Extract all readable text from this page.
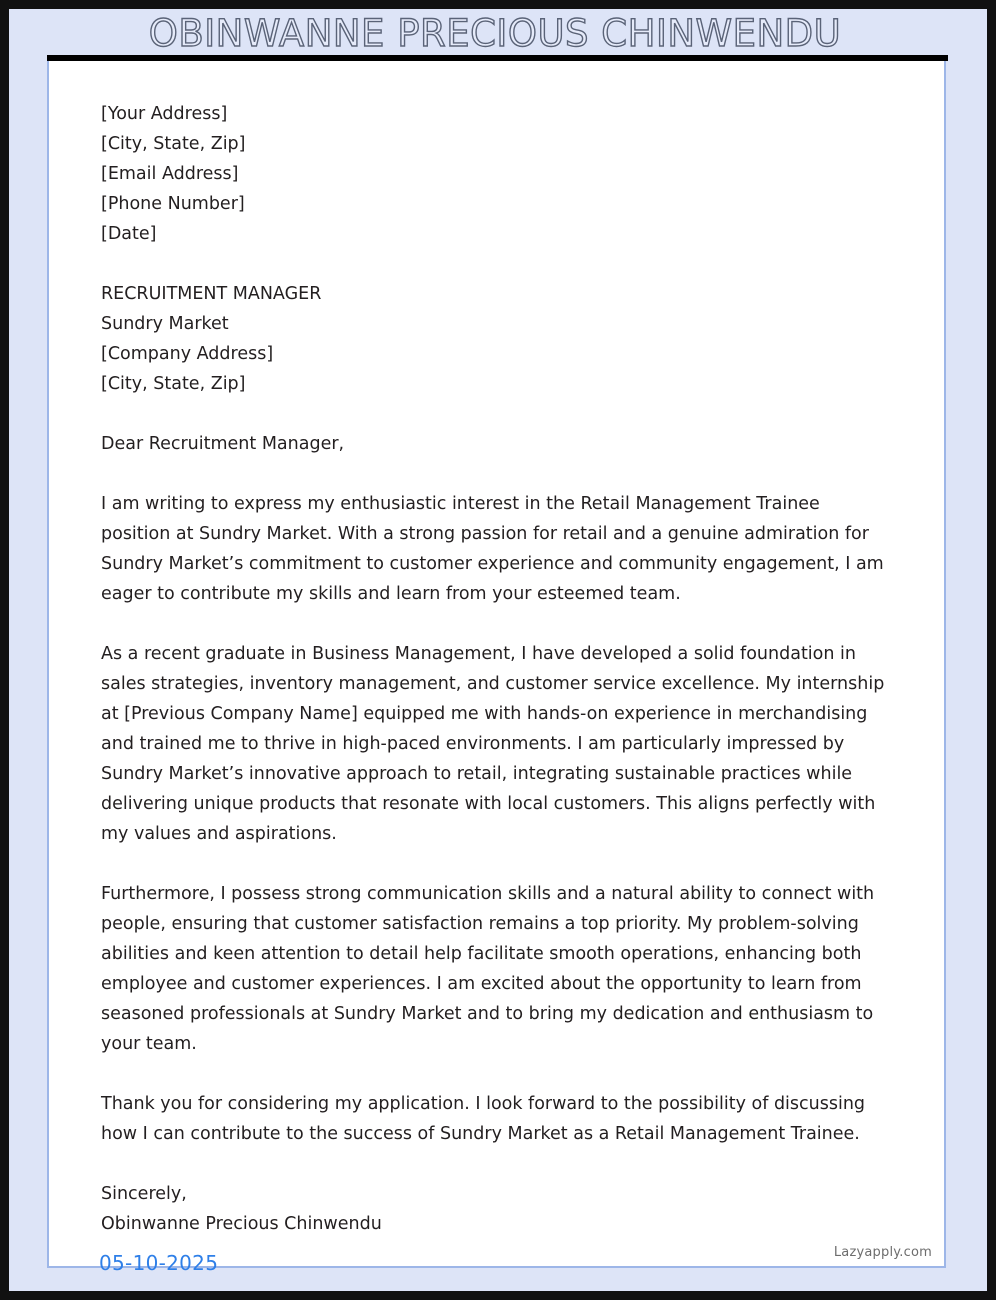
OBINWANNE PRECIOUS CHINWENDU
[Your Address]
[City, State, Zip]
[Email Address]
[Phone Number]
[Date]
RECRUITMENT MANAGER
Sundry Market
[Company Address]
[City, State, Zip]

Dear Recruitment Manager,

I am writing to express my enthusiastic interest in the Retail Management Trainee position at Sundry Market. With a strong passion for retail and a genuine admiration for Sundry Market’s commitment to customer experience and community engagement, I am eager to contribute my skills and learn from your esteemed team.

As a recent graduate in Business Management, I have developed a solid foundation in sales strategies, inventory management, and customer service excellence. My internship at [Previous Company Name] equipped me with hands-on experience in merchandising and trained me to thrive in high-paced environments. I am particularly impressed by Sundry Market’s innovative approach to retail, integrating sustainable practices while delivering unique products that resonate with local customers. This aligns perfectly with my values and aspirations.

Furthermore, I possess strong communication skills and a natural ability to connect with people, ensuring that customer satisfaction remains a top priority. My problem-solving abilities and keen attention to detail help facilitate smooth operations, enhancing both employee and customer experiences. I am excited about the opportunity to learn from seasoned professionals at Sundry Market and to bring my dedication and enthusiasm to your team.

Thank you for considering my application. I look forward to the possibility of discussing how I can contribute to the success of Sundry Market as a Retail Management Trainee.

Sincerely,
Obinwanne Precious Chinwendu
Lazyapply.com
05-10-2025
